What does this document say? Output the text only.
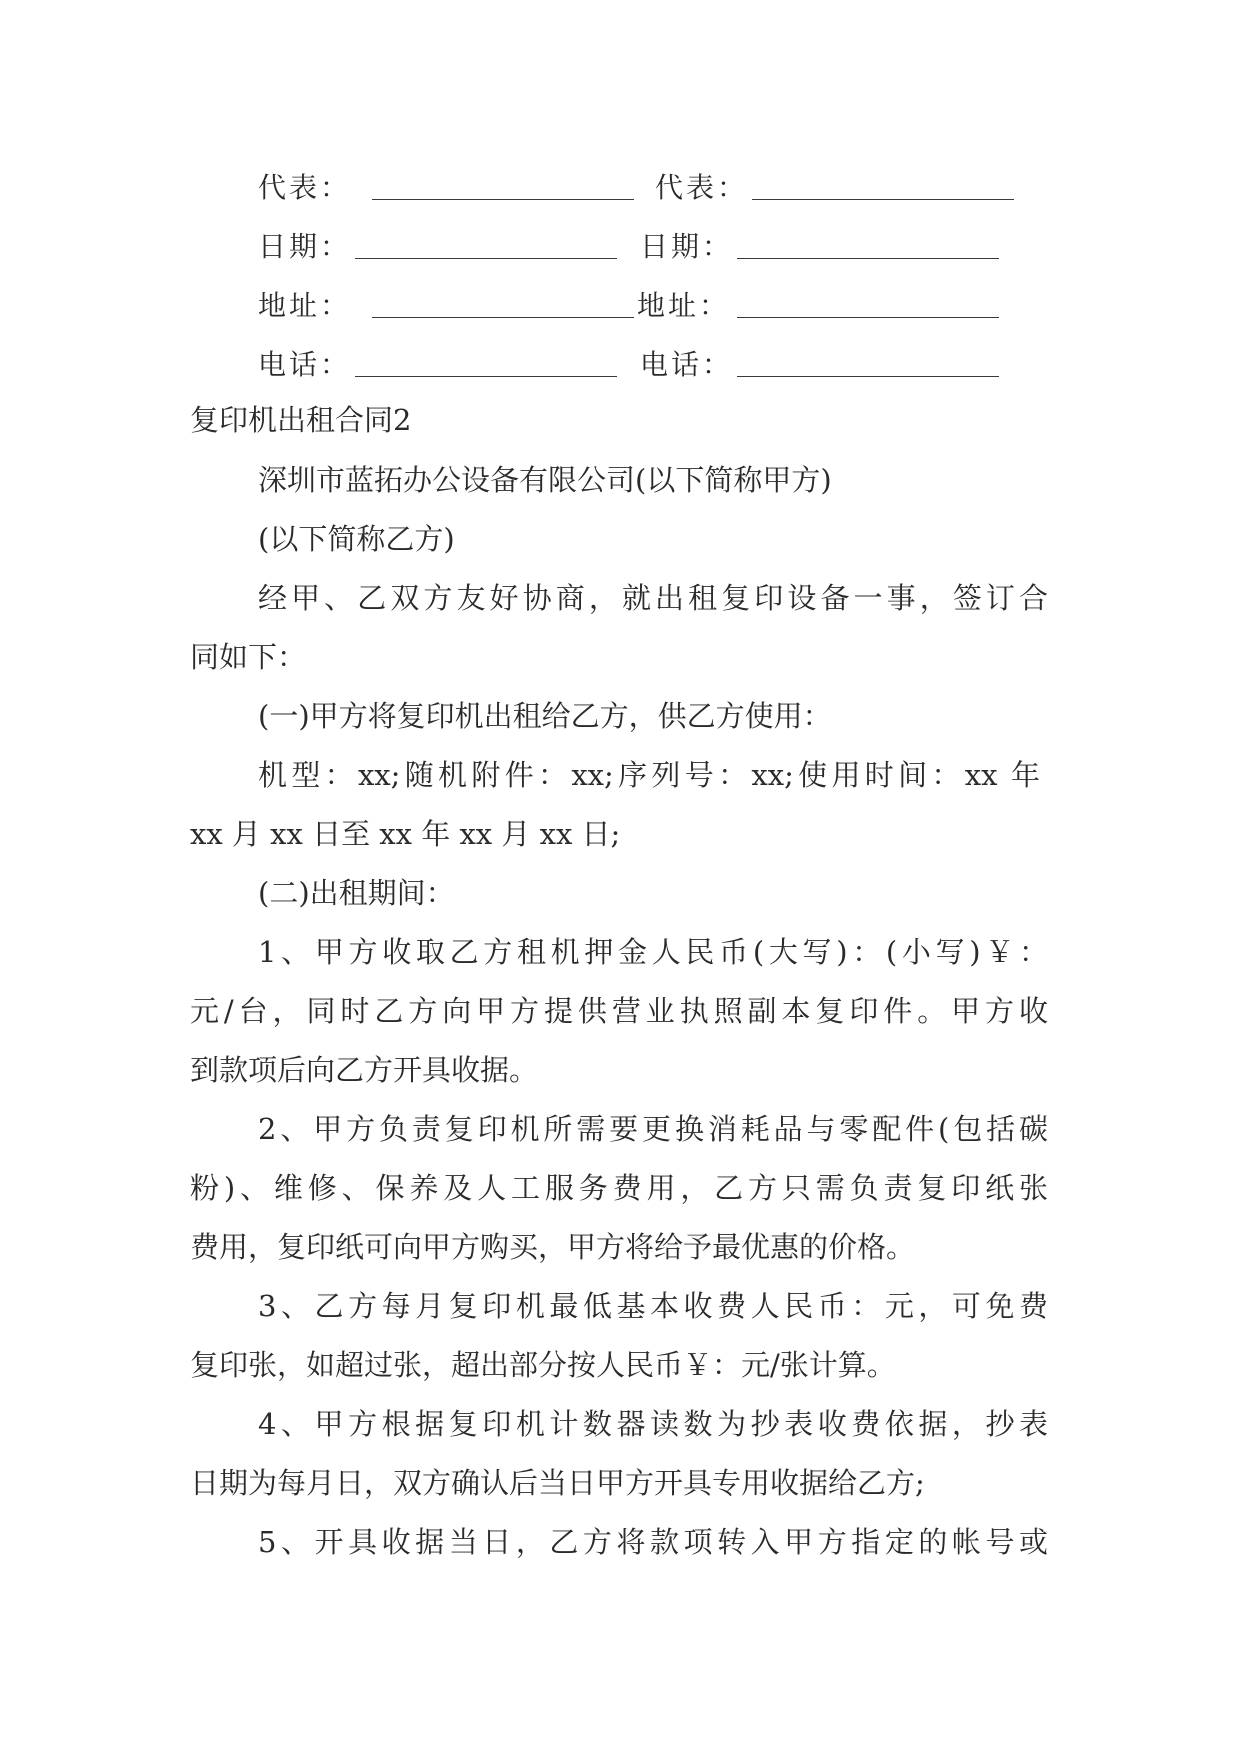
代表：	代表：
日期：	日期：
地址：	地址：
电话：	电话：
复印机出租合同2
深圳市蓝拓办公设备有限公司(以下简称甲方)
(以下简称乙方)
经甲、乙双方友好协商，就出租复印设备一事，签订合
同如下：
(一)甲方将复印机出租给乙方，供乙方使用：
机型：xx;随机附件：xx;序列号：xx;使用时间：xx 年
xx 月 xx 日至 xx 年 xx 月 xx 日;
(二)出租期间：
1、甲方收取乙方租机押金人民币(大写)：(小写)￥：
元/台，同时乙方向甲方提供营业执照副本复印件。甲方收
到款项后向乙方开具收据。
2、甲方负责复印机所需要更换消耗品与零配件(包括碳
粉)、维修、保养及人工服务费用，乙方只需负责复印纸张
费用，复印纸可向甲方购买，甲方将给予最优惠的价格。
3、乙方每月复印机最低基本收费人民币：元，可免费
复印张，如超过张，超出部分按人民币￥：元/张计算。
4、甲方根据复印机计数器读数为抄表收费依据，抄表
日期为每月日，双方确认后当日甲方开具专用收据给乙方;
5、开具收据当日，乙方将款项转入甲方指定的帐号或
